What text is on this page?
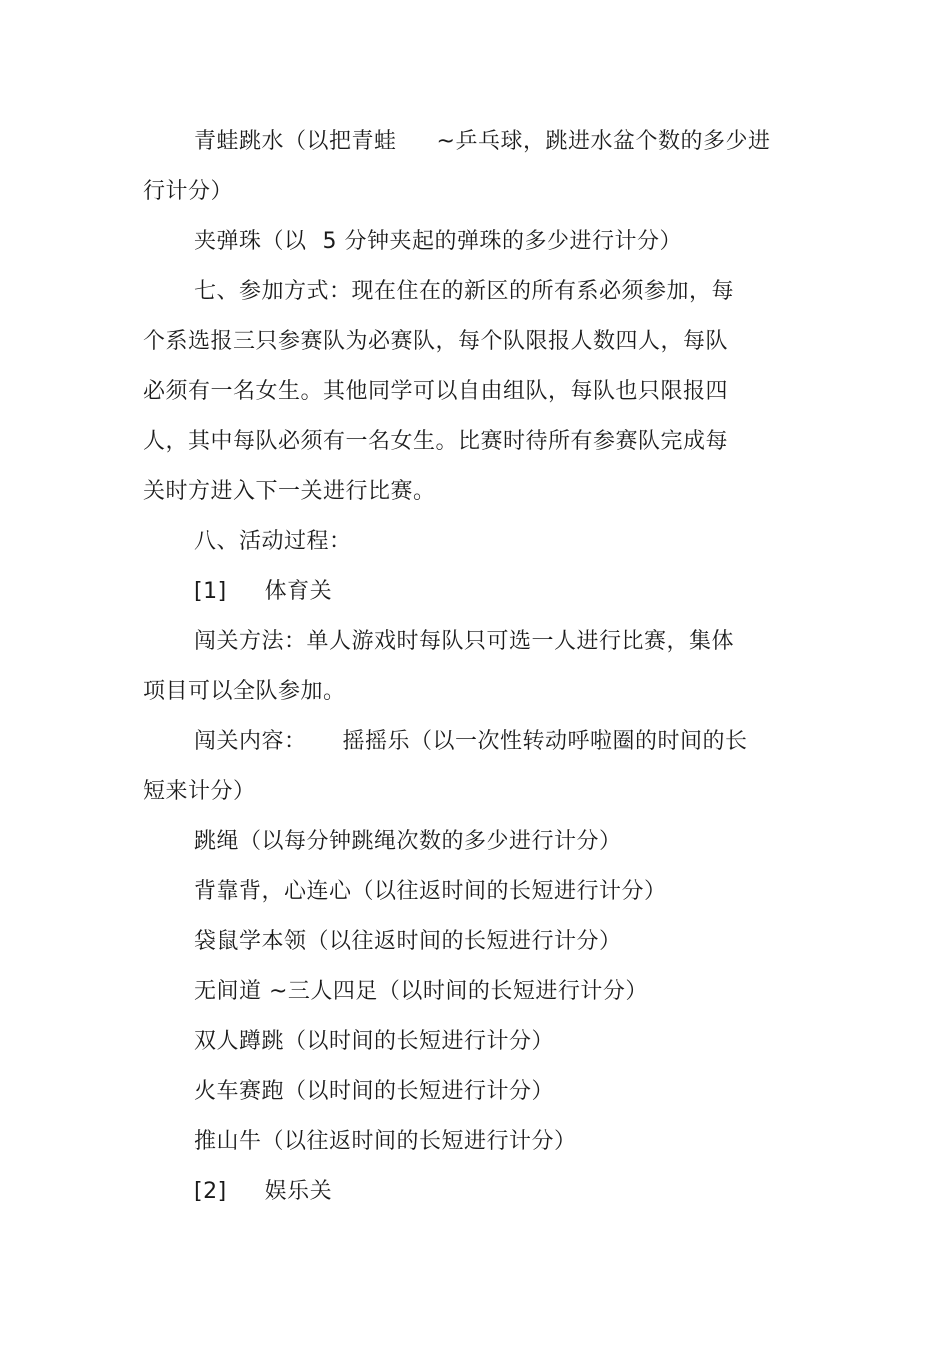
青蛙跳水（以把青蛙 ~乒乓球，跳进水盆个数的多少进
行计分）
夹弹珠（以 5 分钟夹起的弹珠的多少进行计分）
七、参加方式：现在住在的新区的所有系必须参加，每
个系选报三只参赛队为必赛队，每个队限报人数四人，每队
必须有一名女生。其他同学可以自由组队，每队也只限报四
人，其中每队必须有一名女生。比赛时待所有参赛队完成每
关时方进入下一关进行比赛。
八、活动过程：
[1] 体育关
闯关方法：单人游戏时每队只可选一人进行比赛，集体
项目可以全队参加。
闯关内容： 摇摇乐（以一次性转动呼啦圈的时间的长
短来计分）
跳绳（以每分钟跳绳次数的多少进行计分）
背靠背，心连心（以往返时间的长短进行计分）
袋鼠学本领（以往返时间的长短进行计分）
无间道 ~三人四足（以时间的长短进行计分）
双人蹲跳（以时间的长短进行计分）
火车赛跑（以时间的长短进行计分）
推山牛（以往返时间的长短进行计分）
[2] 娱乐关
